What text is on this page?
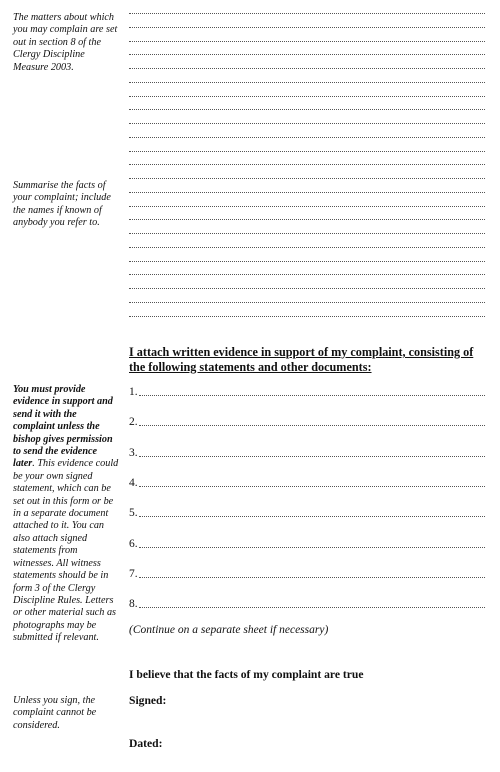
The matters about which you may complain are set out in section 8 of the Clergy Discipline Measure 2003.
Summarise the facts of your complaint; include the names if known of anybody you refer to.
You must provide evidence in support and send it with the complaint unless the bishop gives permission to send the evidence later. This evidence could be your own signed statement, which can be set out in this form or be in a separate document attached to it. You can also attach signed statements from witnesses. All witness statements should be in form 3 of the Clergy Discipline Rules. Letters or other material such as photographs may be submitted if relevant.
Unless you sign, the complaint cannot be considered.
I attach written evidence in support of my complaint, consisting of the following statements and other documents:
1.
2.
3.
4.
5.
6.
7.
8.
(Continue on a separate sheet if necessary)
I believe that the facts of my complaint are true
Signed:
Dated:
